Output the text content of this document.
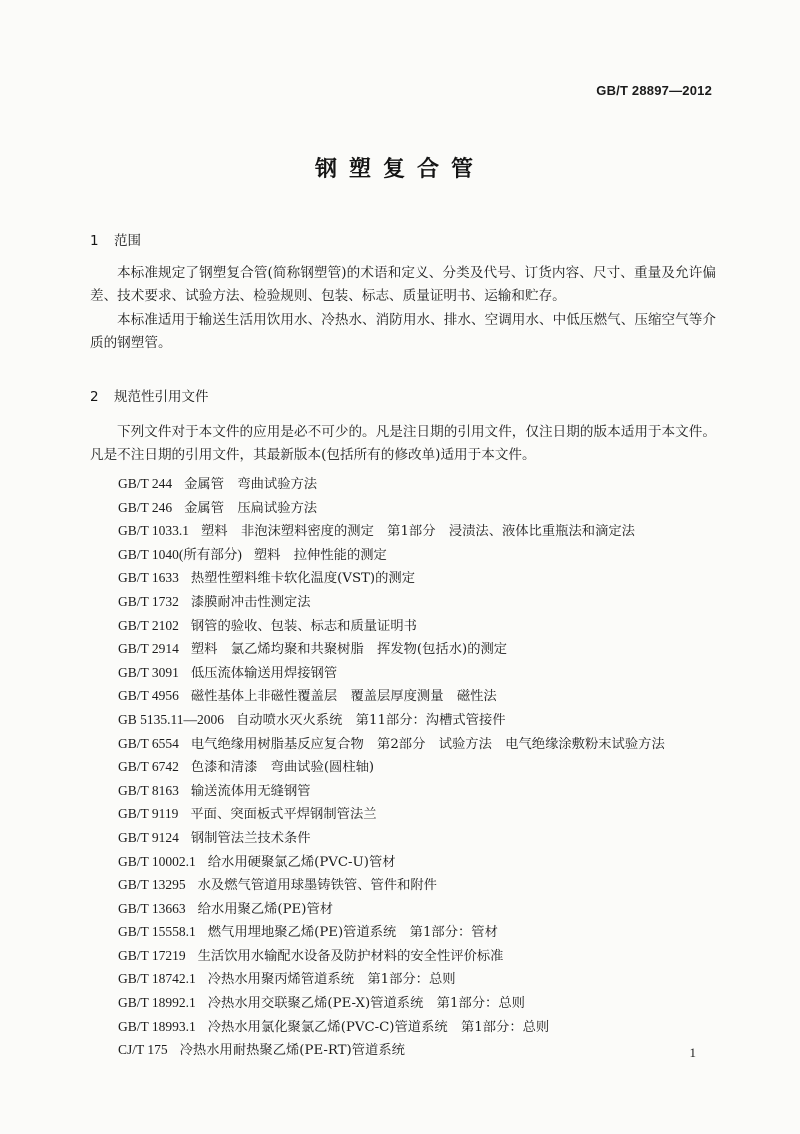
GB/T 28897—2012
钢塑复合管
1 范围

本标准规定了钢塑复合管(简称钢塑管)的术语和定义、分类及代号、订货内容、尺寸、重量及允许偏差、技术要求、试验方法、检验规则、包装、标志、质量证明书、运输和贮存。

本标准适用于输送生活用饮用水、冷热水、消防用水、排水、空调用水、中低压燃气、压缩空气等介质的钢塑管。

2 规范性引用文件

下列文件对于本文件的应用是必不可少的。凡是注日期的引用文件，仅注日期的版本适用于本文件。凡是不注日期的引用文件，其最新版本(包括所有的修改单)适用于本文件。

GB/T 244 金属管　弯曲试验方法
GB/T 246 金属管　压扁试验方法
GB/T 1033.1 塑料　非泡沫塑料密度的测定　第1部分　浸渍法、液体比重瓶法和滴定法
GB/T 1040(所有部分) 塑料　拉伸性能的测定
GB/T 1633 热塑性塑料维卡软化温度(VST)的测定
GB/T 1732 漆膜耐冲击性测定法
GB/T 2102 钢管的验收、包装、标志和质量证明书
GB/T 2914 塑料　氯乙烯均聚和共聚树脂　挥发物(包括水)的测定
GB/T 3091 低压流体输送用焊接钢管
GB/T 4956 磁性基体上非磁性覆盖层　覆盖层厚度测量　磁性法
GB 5135.11—2006 自动喷水灭火系统　第11部分：沟槽式管接件
GB/T 6554 电气绝缘用树脂基反应复合物　第2部分　试验方法　电气绝缘涂敷粉末试验方法
GB/T 6742 色漆和清漆　弯曲试验(圆柱轴)
GB/T 8163 输送流体用无缝钢管
GB/T 9119 平面、突面板式平焊钢制管法兰
GB/T 9124 钢制管法兰技术条件
GB/T 10002.1 给水用硬聚氯乙烯(PVC-U)管材
GB/T 13295 水及燃气管道用球墨铸铁管、管件和附件
GB/T 13663 给水用聚乙烯(PE)管材
GB/T 15558.1 燃气用埋地聚乙烯(PE)管道系统　第1部分：管材
GB/T 17219 生活饮用水输配水设备及防护材料的安全性评价标准
GB/T 18742.1 冷热水用聚丙烯管道系统　第1部分：总则
GB/T 18992.1 冷热水用交联聚乙烯(PE-X)管道系统　第1部分：总则
GB/T 18993.1 冷热水用氯化聚氯乙烯(PVC-C)管道系统　第1部分：总则
CJ/T 175 冷热水用耐热聚乙烯(PE-RT)管道系统	1
